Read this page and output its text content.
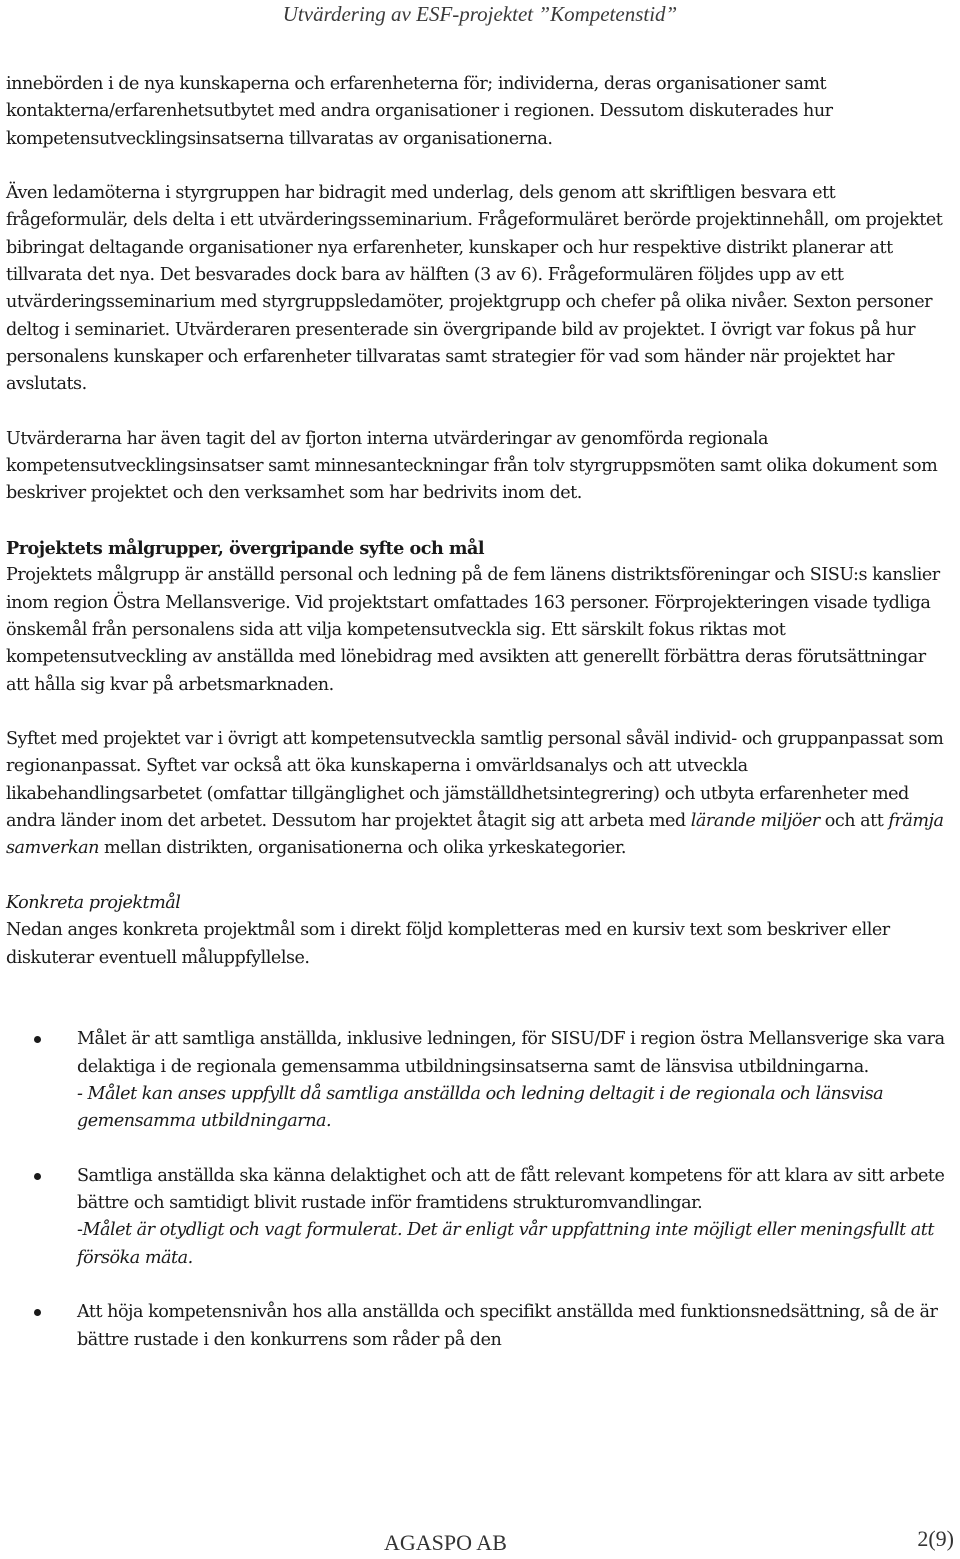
Utvärdering av ESF-projektet ”Kompetenstid”

innebörden i de nya kunskaperna och erfarenheterna för; individerna, deras organisationer samt kontakterna/erfarenhetsutbytet med andra organisationer i regionen. Dessutom diskuterades hur kompetensutvecklingsinsatserna tillvaratas av organisationerna.

Även ledamöterna i styrgruppen har bidragit med underlag, dels genom att skriftligen besvara ett frågeformulär, dels delta i ett utvärderingsseminarium. Frågeformuläret berörde projektinnehåll, om projektet bibringat deltagande organisationer nya erfarenheter, kunskaper och hur respektive distrikt planerar att tillvarata det nya. Det besvarades dock bara av hälften (3 av 6). Frågeformulären följdes upp av ett utvärderingsseminarium med styrgruppsledamöter, projektgrupp och chefer på olika nivåer. Sexton personer deltog i seminariet. Utvärderaren presenterade sin övergripande bild av projektet. I övrigt var fokus på hur personalens kunskaper och erfarenheter tillvaratas samt strategier för vad som händer när projektet har avslutats.

Utvärderarna har även tagit del av fjorton interna utvärderingar av genomförda regionala kompetensutvecklingsinsatser samt minnesanteckningar från tolv styrgruppsmöten samt olika dokument som beskriver projektet och den verksamhet som har bedrivits inom det.

Projektets målgrupper, övergripande syfte och mål

Projektets målgrupp är anställd personal och ledning på de fem länens distriktsföreningar och SISU:s kanslier inom region Östra Mellansverige. Vid projektstart omfattades 163 personer. Förprojekteringen visade tydliga önskemål från personalens sida att vilja kompetensutveckla sig. Ett särskilt fokus riktas mot kompetensutveckling av anställda med lönebidrag med avsikten att generellt förbättra deras förutsättningar att hålla sig kvar på arbetsmarknaden.

Syftet med projektet var i övrigt att kompetensutveckla samtlig personal såväl individ- och gruppanpassat som regionanpassat. Syftet var också att öka kunskaperna i omvärldsanalys och att utveckla likabehandlingsarbetet (omfattar tillgänglighet och jämställdhetsintegrering) och utbyta erfarenheter med andra länder inom det arbetet. Dessutom har projektet åtagit sig att arbeta med lärande miljöer och att främja samverkan mellan distrikten, organisationerna och olika yrkeskategorier.

Konkreta projektmål

Nedan anges konkreta projektmål som i direkt följd kompletteras med en kursiv text som beskriver eller diskuterar eventuell måluppfyllelse.

Målet är att samtliga anställda, inklusive ledningen, för SISU/DF i region östra Mellansverige ska vara delaktiga i de regionala gemensamma utbildningsinsatserna samt de länsvisa utbildningarna.
- Målet kan anses uppfyllt då samtliga anställda och ledning deltagit i de regionala och länsvisa gemensamma utbildningarna.
Samtliga anställda ska känna delaktighet och att de fått relevant kompetens för att klara av sitt arbete bättre och samtidigt blivit rustade inför framtidens strukturomvandlingar.
-Målet är otydligt och vagt formulerat. Det är enligt vår uppfattning inte möjligt eller meningsfullt att försöka mäta.
Att höja kompetensnivån hos alla anställda och specifikt anställda med funktionsnedsättning, så de är bättre rustade i den konkurrens som råder på den
AGASPO AB	2(9)
